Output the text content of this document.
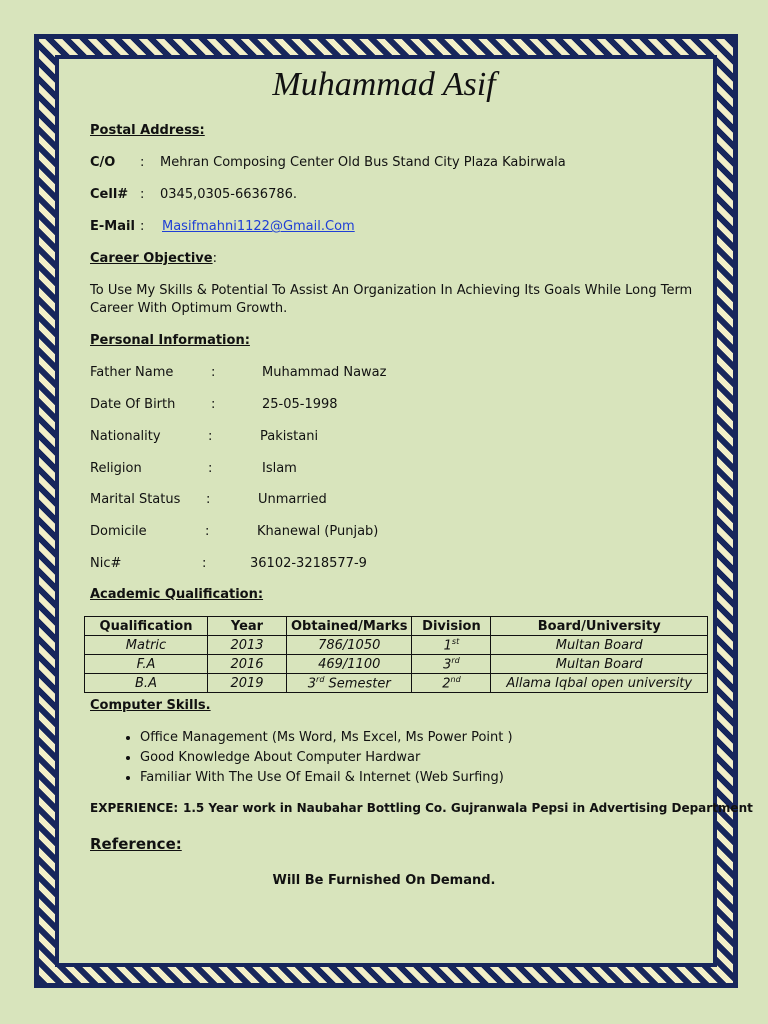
Muhammad Asif
Postal Address:
C/O : Mehran Composing Center Old Bus Stand City Plaza Kabirwala
Cell# : 0345,0305-6636786.
E-Mail : Masifmahni1122@Gmail.Com
Career Objective:
To Use My Skills & Potential To Assist An Organization In Achieving Its Goals While Long Term
Career With Optimum Growth.
Personal Information:
Father Name	:	Muhammad Nawaz
Date Of Birth	:	25-05-1998
Nationality	:	Pakistani
Religion	:	Islam
Marital Status :	Unmarried
Domicile	:	Khanewal (Punjab)
Nic#	:	36102-3218577-9
Academic Qualification:
Qualification	Year	Obtained/Marks	Division	Board/University
Matric	2013	786/1050	1st	Multan Board
F.A	2016	469/1100	3rd	Multan Board
B.A	2019	3rd Semester	2nd	Allama Iqbal open university
Computer Skills.
• Office Management (Ms Word, Ms Excel, Ms Power Point )
• Good Knowledge About Computer Hardwar
• Familiar With The Use Of Email & Internet (Web Surfing)
EXPERIENCE: 1.5 Year work in Naubahar Bottling Co. Gujranwala Pepsi in Advertising Department
Reference:
Will Be Furnished On Demand.
